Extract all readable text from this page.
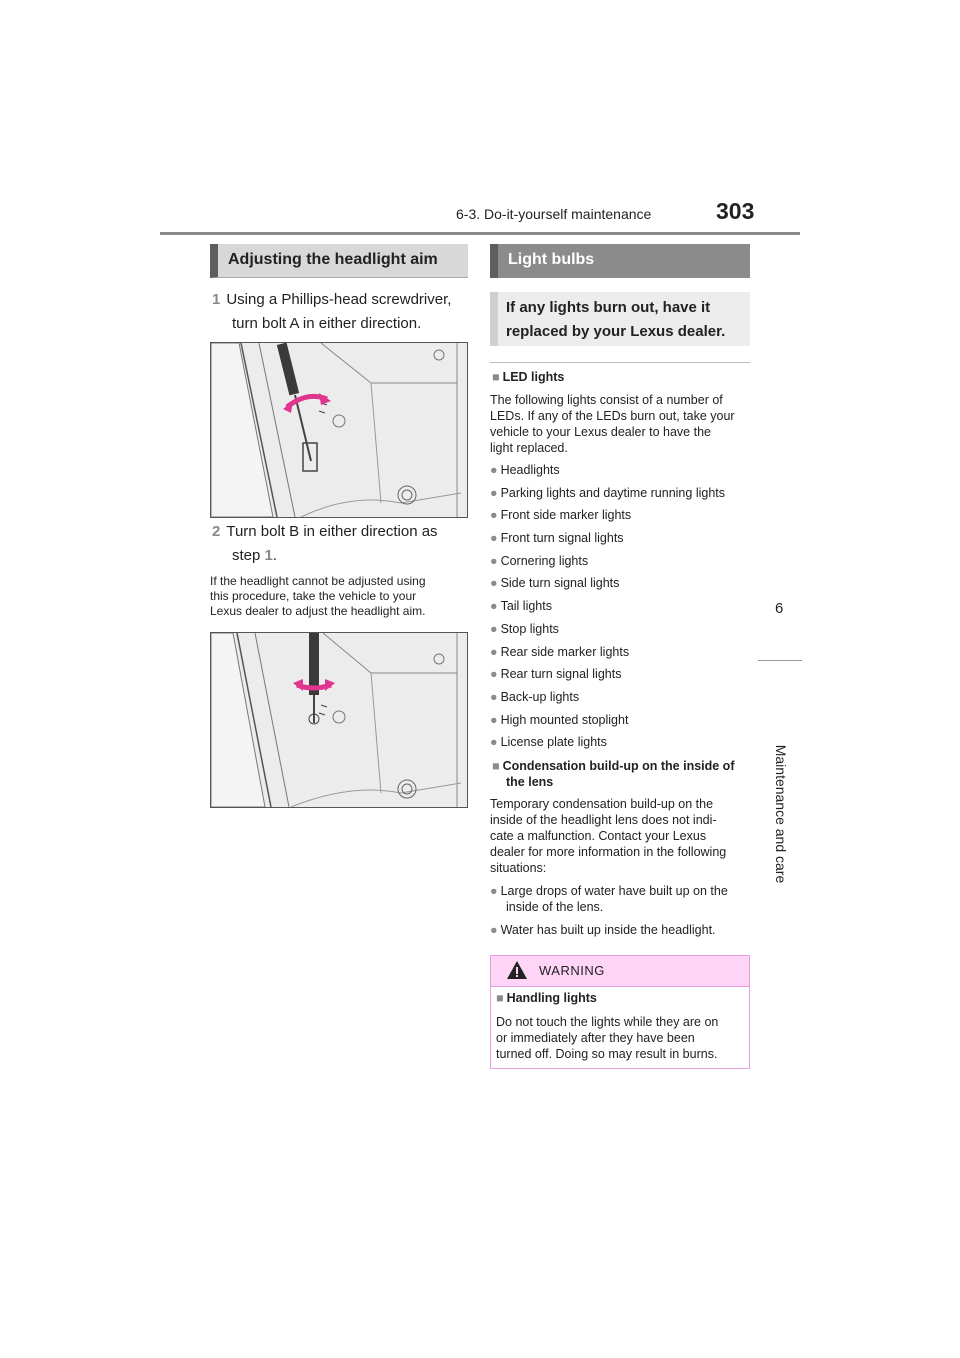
6-3. Do-it-yourself maintenance	303
6
Maintenance and care
Adjusting the headlight aim
1 Using a Phillips-head screwdriver,
turn bolt A in either direction.
2 Turn bolt B in either direction as
step 1.
If the headlight cannot be adjusted using
this procedure, take the vehicle to your
Lexus dealer to adjust the headlight aim.
Light bulbs
If any lights burn out, have it
replaced by your Lexus dealer.
■ LED lights
The following lights consist of a number of
LEDs. If any of the LEDs burn out, take your
vehicle to your Lexus dealer to have the
light replaced.
● Headlights
● Parking lights and daytime running lights
● Front side marker lights
● Front turn signal lights
● Cornering lights
● Side turn signal lights
● Tail lights
● Stop lights
● Rear side marker lights
● Rear turn signal lights
● Back-up lights
● High mounted stoplight
● License plate lights
■ Condensation build-up on the inside of
the lens
Temporary condensation build-up on the
inside of the headlight lens does not indi-
cate a malfunction. Contact your Lexus
dealer for more information in the following
situations:
● Large drops of water have built up on the
inside of the lens.
● Water has built up inside the headlight.
WARNING
■ Handling lights
Do not touch the lights while they are on
or immediately after they have been
turned off. Doing so may result in burns.
